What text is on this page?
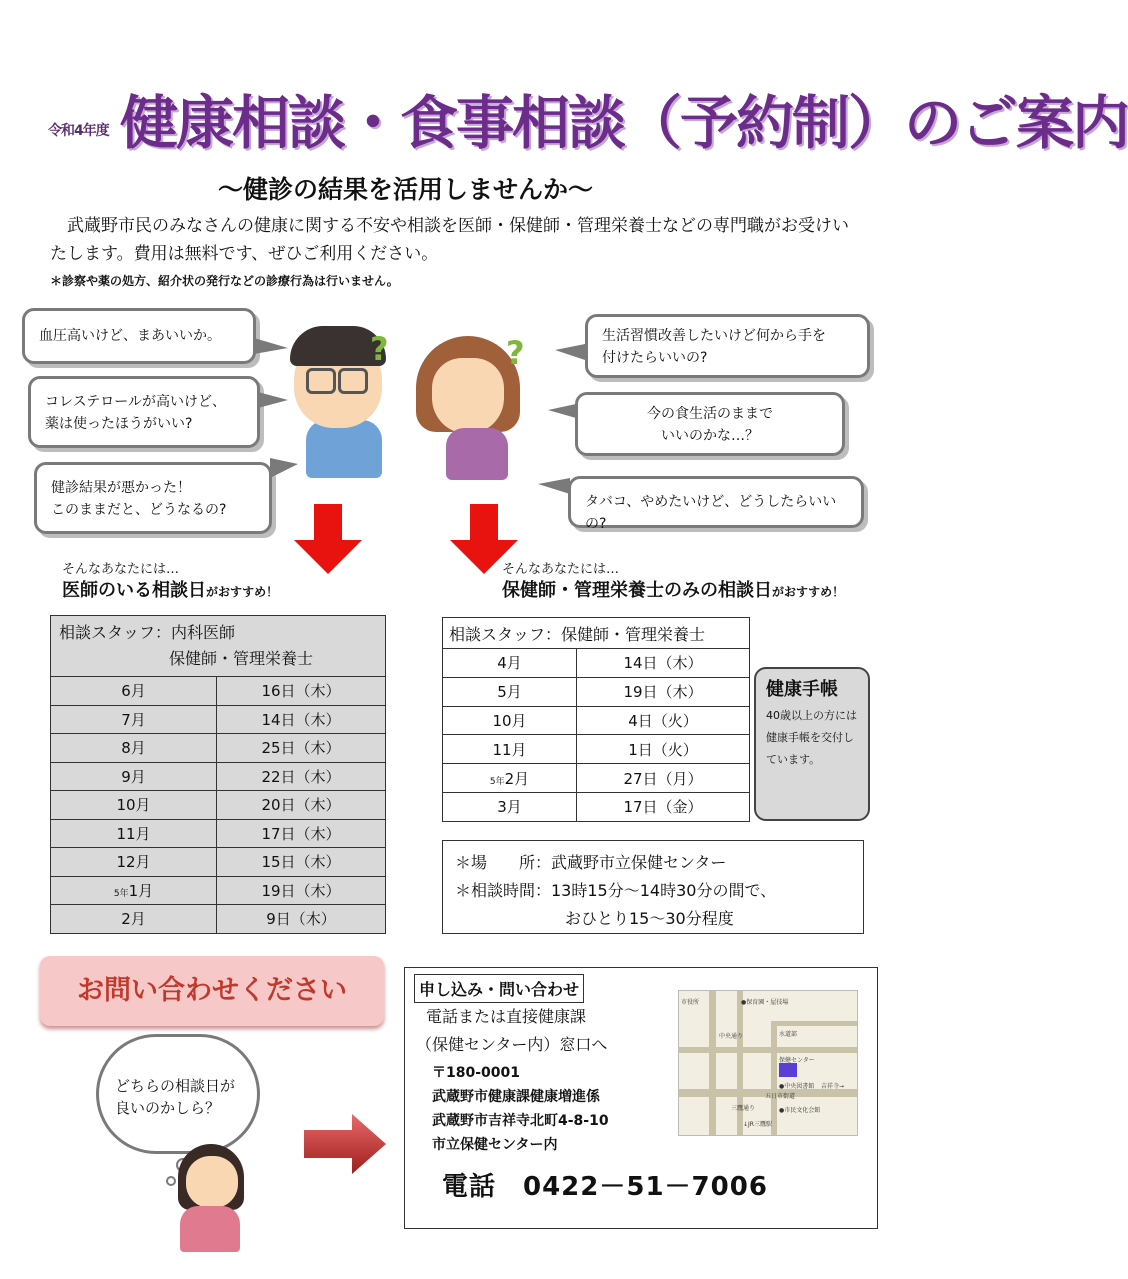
令和4年度 健康相談・食事相談（予約制）のご案内
～健診の結果を活用しませんか～
武蔵野市民のみなさんの健康に関する不安や相談を医師・保健師・管理栄養士などの専門職がお受けいたします。費用は無料です、ぜひご利用ください。
＊診察や薬の処方、紹介状の発行などの診療行為は行いません。
血圧高いけど、まあいいか。
コレステロールが高いけど、
薬は使ったほうがいい?
健診結果が悪かった！
このままだと、どうなるの?
生活習慣改善したいけど何から手を
付けたらいいの?
今の食生活のままで
いいのかな…？
タバコ、やめたいけど、どうしたらいいの?
?	?
そんなあなたには…
医師のいる相談日がおすすめ！
そんなあなたには…
保健師・管理栄養士のみの相談日がおすすめ！
相談スタッフ：内科医師
保健師・管理栄養士	

6月	16日（木）
7月	14日（木）
8月	25日（木）
9月	22日（木）
10月	20日（木）
11月	17日（木）
12月	15日（木）
5年1月	19日（木）
2月	9日（木）
相談スタッフ：保健師・管理栄養士	
4月	14日（木）
5月	19日（木）
10月	4日（火）
11月	1日（火）
5年2月	27日（月）
3月	17日（金）
健康手帳
40歳以上の方には健康手帳を交付しています。
＊場　　所：武蔵野市立保健センター
＊相談時間：13時15分～14時30分の間で、
おひとり15～30分程度
お問い合わせください
どちらの相談日が
良いのかしら？
申し込み・問い合わせ
電話または直接健康課
（保健センター内）窓口へ
〒180-0001
武蔵野市健康課健康増進係
武蔵野市吉祥寺北町4-8-10
市立保健センター内
電話　0422－51－7006
市役所	●保育園・屋技場
水道部
中央通り
保健センター
●中央図書館 吉祥寺→
五日市街道
●市民文化会館
三鷹通り
↓JR三鷹駅
